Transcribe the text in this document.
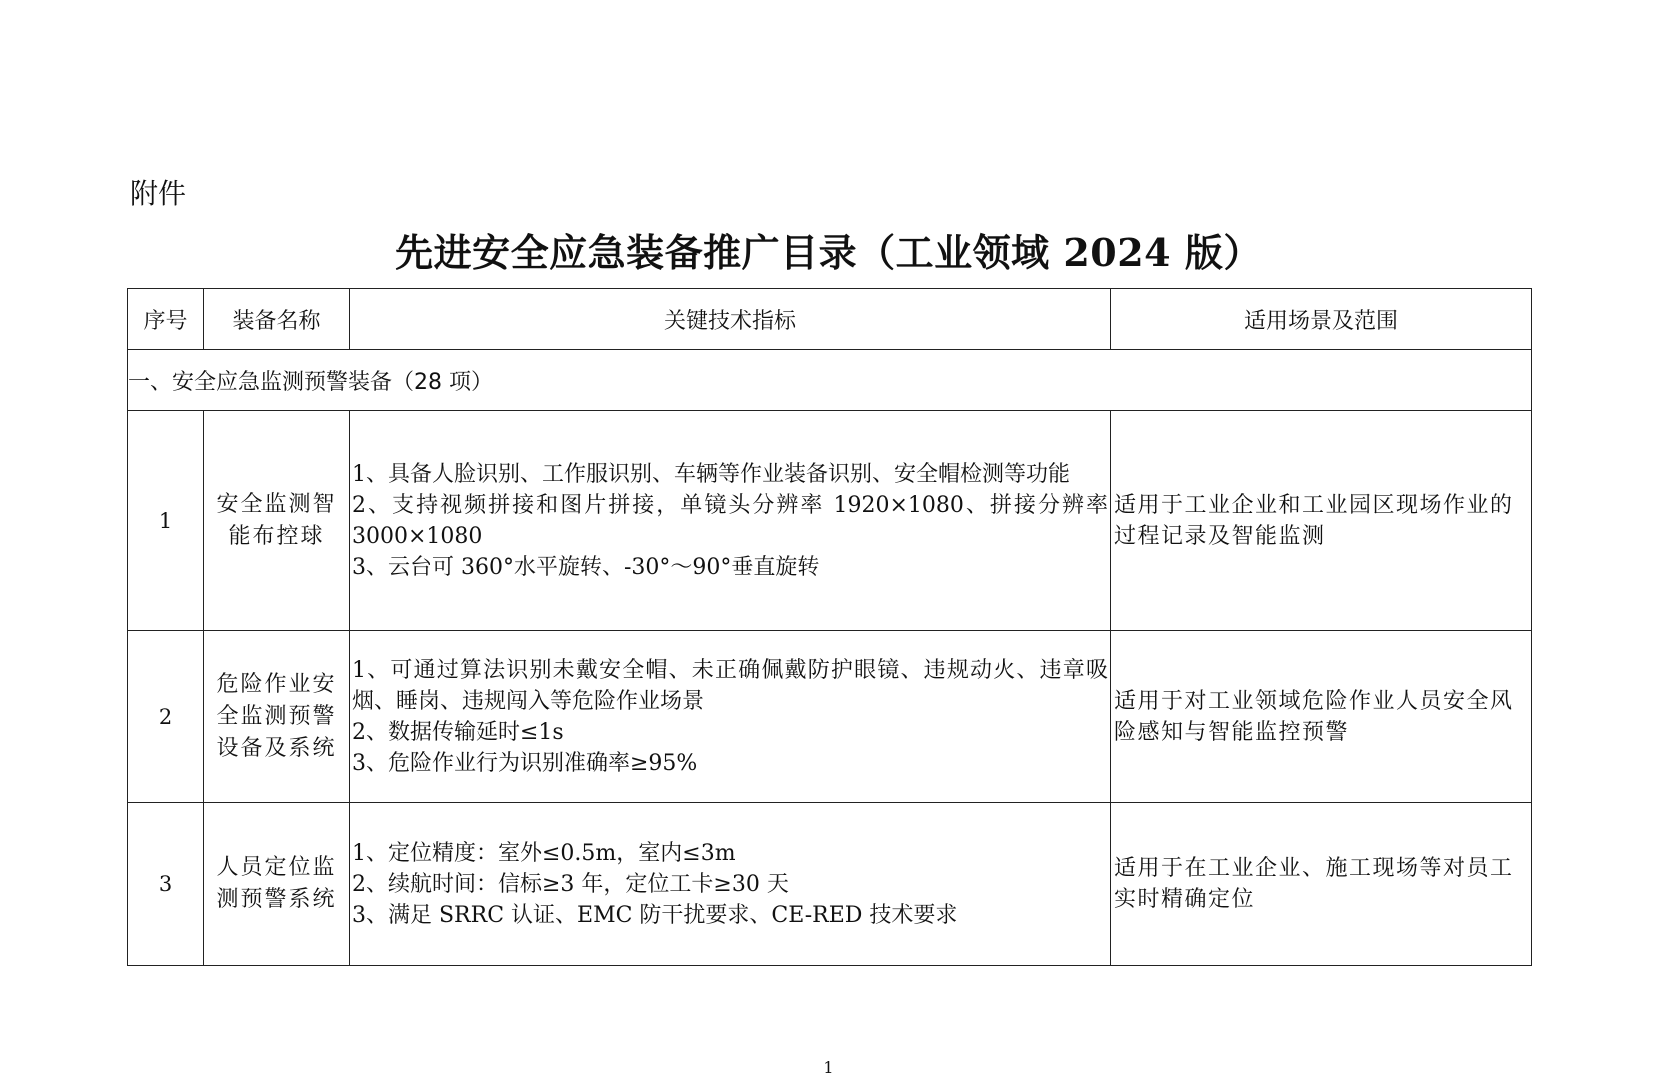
附件
先进安全应急装备推广目录（工业领域 2024 版）
序号	装备名称	关键技术指标	适用场景及范围
一、安全应急监测预警装备（28 项）			
1	安全监测智能布控球	1、具备人脸识别、工作服识别、车辆等作业装备识别、安全帽检测等功能
2、支持视频拼接和图片拼接，单镜头分辨率 1920×1080、拼接分辨率 3000×1080
3、云台可 360°水平旋转、-30°～90°垂直旋转	适用于工业企业和工业园区现场作业的过程记录及智能监测
2	危险作业安全监测预警设备及系统	1、可通过算法识别未戴安全帽、未正确佩戴防护眼镜、违规动火、违章吸烟、睡岗、违规闯入等危险作业场景
2、数据传输延时≤1s
3、危险作业行为识别准确率≥95%	适用于对工业领域危险作业人员安全风险感知与智能监控预警
3	人员定位监测预警系统	1、定位精度：室外≤0.5m，室内≤3m
2、续航时间：信标≥3 年，定位工卡≥30 天
3、满足 SRRC 认证、EMC 防干扰要求、CE-RED 技术要求	适用于在工业企业、施工现场等对员工实时精确定位
1
